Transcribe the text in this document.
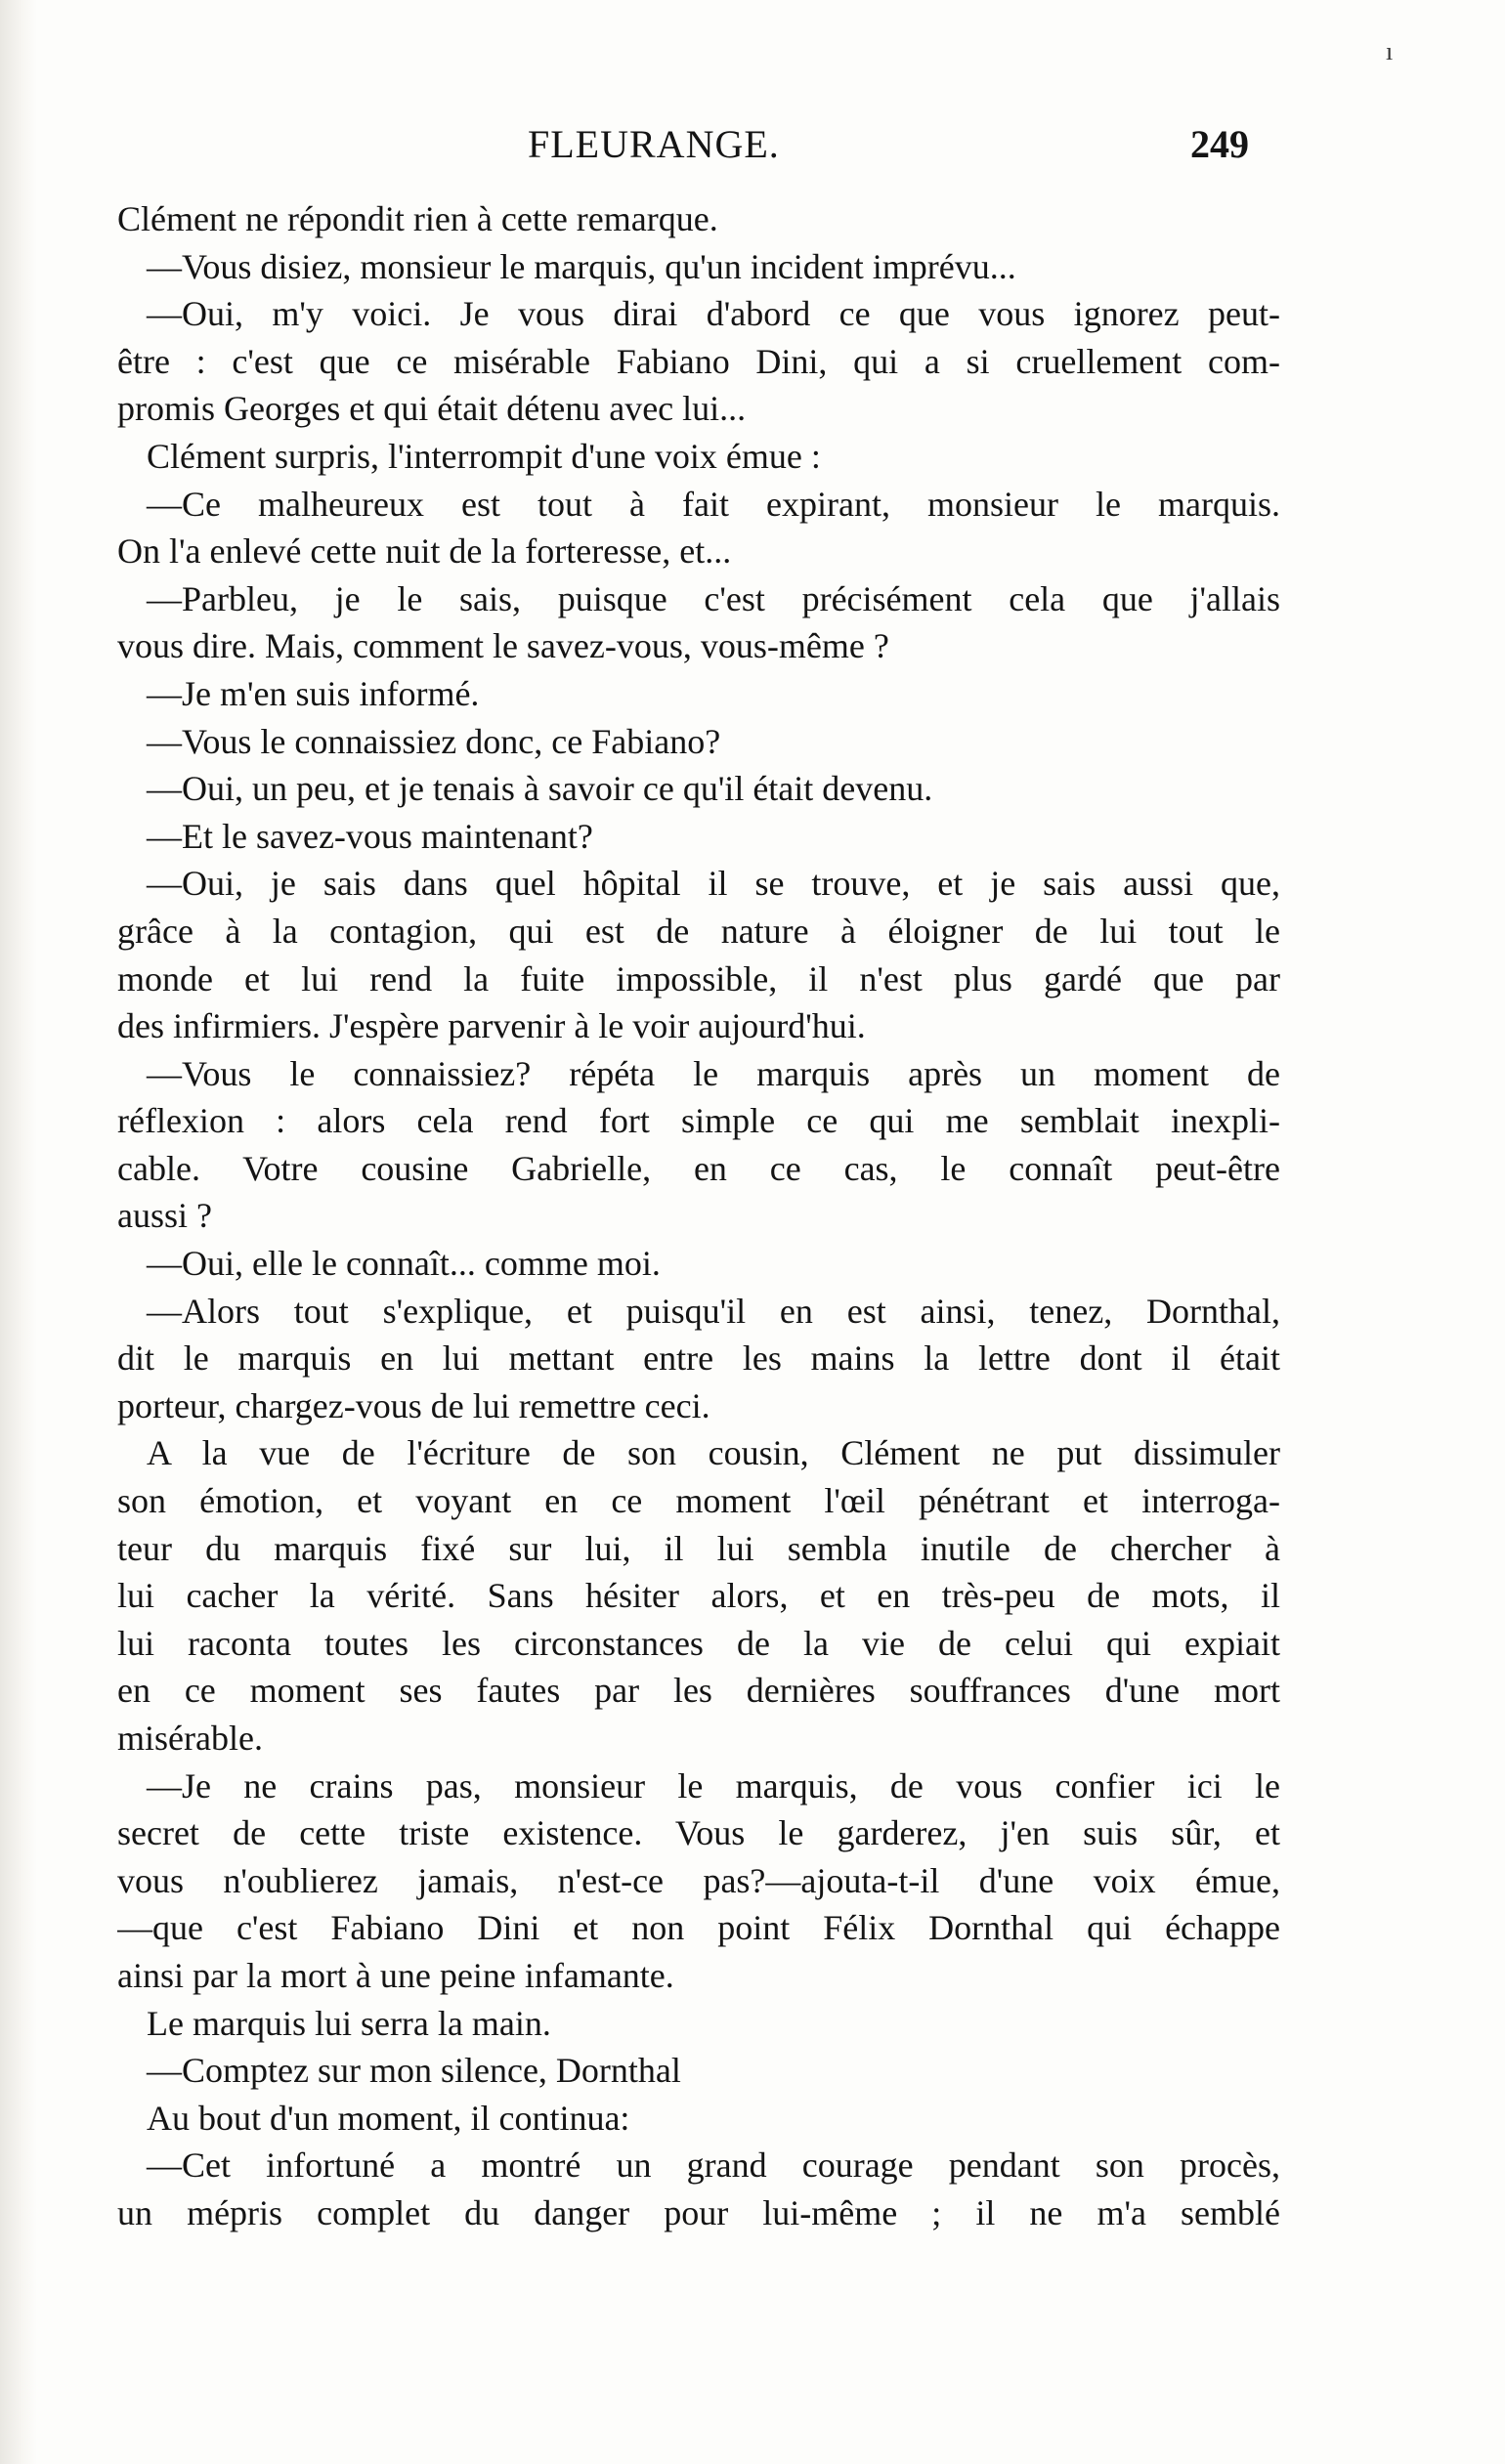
ı
FLEURANGE.	249
Clément ne répondit rien à cette remarque.
—Vous disiez, monsieur le marquis, qu'un incident imprévu...
—Oui, m'y voici. Je vous dirai d'abord ce que vous ignorez peut-
être : c'est que ce misérable Fabiano Dini, qui a si cruellement com-
promis Georges et qui était détenu avec lui...
Clément surpris, l'interrompit d'une voix émue :
—Ce malheureux est tout à fait expirant, monsieur le marquis.
On l'a enlevé cette nuit de la forteresse, et...
—Parbleu, je le sais, puisque c'est précisément cela que j'allais
vous dire. Mais, comment le savez-vous, vous-même ?
—Je m'en suis informé.
—Vous le connaissiez donc, ce Fabiano?
—Oui, un peu, et je tenais à savoir ce qu'il était devenu.
—Et le savez-vous maintenant?
—Oui, je sais dans quel hôpital il se trouve, et je sais aussi que,
grâce à la contagion, qui est de nature à éloigner de lui tout le
monde et lui rend la fuite impossible, il n'est plus gardé que par
des infirmiers. J'espère parvenir à le voir aujourd'hui.
—Vous le connaissiez? répéta le marquis après un moment de
réflexion : alors cela rend fort simple ce qui me semblait inexpli-
cable. Votre cousine Gabrielle, en ce cas, le connaît peut-être
aussi ?
—Oui, elle le connaît... comme moi.
—Alors tout s'explique, et puisqu'il en est ainsi, tenez, Dornthal,
dit le marquis en lui mettant entre les mains la lettre dont il était
porteur, chargez-vous de lui remettre ceci.
A la vue de l'écriture de son cousin, Clément ne put dissimuler
son émotion, et voyant en ce moment l'œil pénétrant et interroga-
teur du marquis fixé sur lui, il lui sembla inutile de chercher à
lui cacher la vérité. Sans hésiter alors, et en très-peu de mots, il
lui raconta toutes les circonstances de la vie de celui qui expiait
en ce moment ses fautes par les dernières souffrances d'une mort
misérable.
—Je ne crains pas, monsieur le marquis, de vous confier ici le
secret de cette triste existence. Vous le garderez, j'en suis sûr, et
vous n'oublierez jamais, n'est-ce pas?—ajouta-t-il d'une voix émue,
—que c'est Fabiano Dini et non point Félix Dornthal qui échappe
ainsi par la mort à une peine infamante.
Le marquis lui serra la main.
—Comptez sur mon silence, Dornthal
Au bout d'un moment, il continua:
—Cet infortuné a montré un grand courage pendant son procès,
un mépris complet du danger pour lui-même ; il ne m'a semblé
